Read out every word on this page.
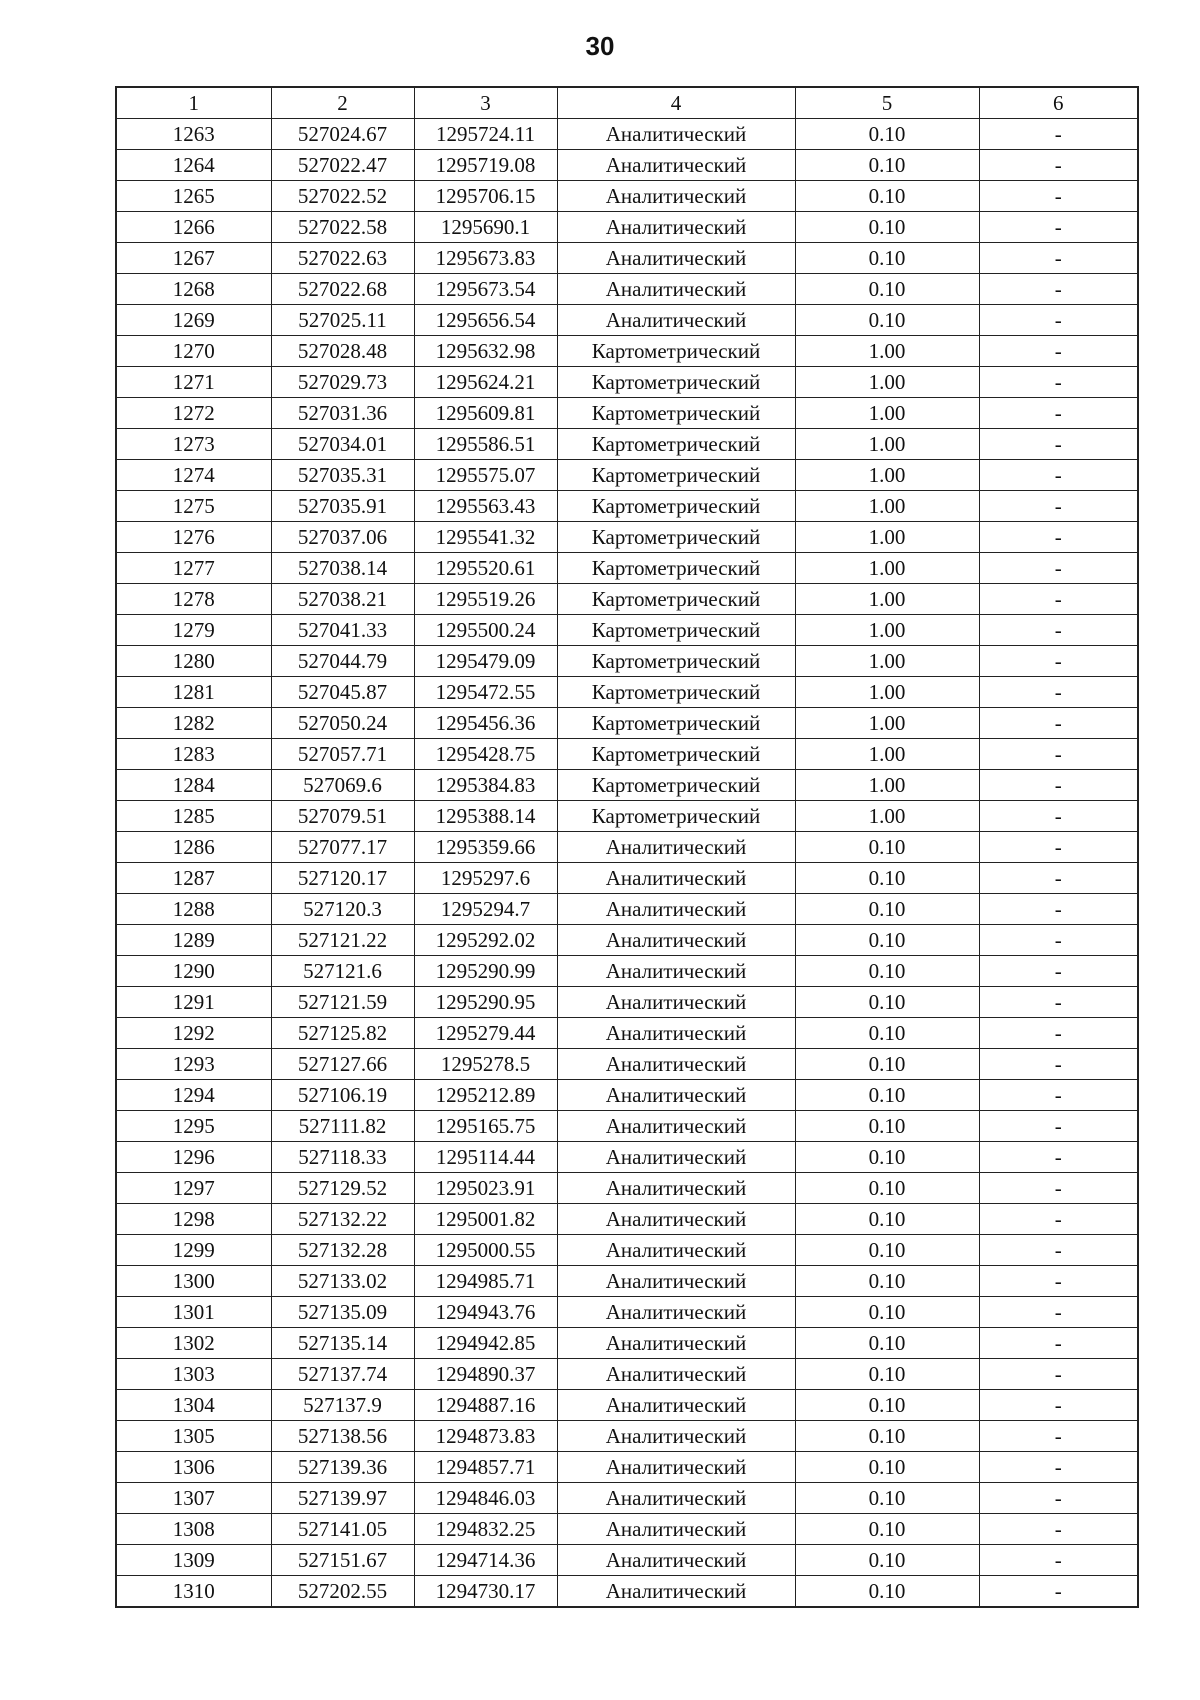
30
1	2	3	4	5	6
1263	527024.67	1295724.11	Аналитический	0.10	-
1264	527022.47	1295719.08	Аналитический	0.10	-
1265	527022.52	1295706.15	Аналитический	0.10	-
1266	527022.58	1295690.1	Аналитический	0.10	-
1267	527022.63	1295673.83	Аналитический	0.10	-
1268	527022.68	1295673.54	Аналитический	0.10	-
1269	527025.11	1295656.54	Аналитический	0.10	-
1270	527028.48	1295632.98	Картометрический	1.00	-
1271	527029.73	1295624.21	Картометрический	1.00	-
1272	527031.36	1295609.81	Картометрический	1.00	-
1273	527034.01	1295586.51	Картометрический	1.00	-
1274	527035.31	1295575.07	Картометрический	1.00	-
1275	527035.91	1295563.43	Картометрический	1.00	-
1276	527037.06	1295541.32	Картометрический	1.00	-
1277	527038.14	1295520.61	Картометрический	1.00	-
1278	527038.21	1295519.26	Картометрический	1.00	-
1279	527041.33	1295500.24	Картометрический	1.00	-
1280	527044.79	1295479.09	Картометрический	1.00	-
1281	527045.87	1295472.55	Картометрический	1.00	-
1282	527050.24	1295456.36	Картометрический	1.00	-
1283	527057.71	1295428.75	Картометрический	1.00	-
1284	527069.6	1295384.83	Картометрический	1.00	-
1285	527079.51	1295388.14	Картометрический	1.00	-
1286	527077.17	1295359.66	Аналитический	0.10	-
1287	527120.17	1295297.6	Аналитический	0.10	-
1288	527120.3	1295294.7	Аналитический	0.10	-
1289	527121.22	1295292.02	Аналитический	0.10	-
1290	527121.6	1295290.99	Аналитический	0.10	-
1291	527121.59	1295290.95	Аналитический	0.10	-
1292	527125.82	1295279.44	Аналитический	0.10	-
1293	527127.66	1295278.5	Аналитический	0.10	-
1294	527106.19	1295212.89	Аналитический	0.10	-
1295	527111.82	1295165.75	Аналитический	0.10	-
1296	527118.33	1295114.44	Аналитический	0.10	-
1297	527129.52	1295023.91	Аналитический	0.10	-
1298	527132.22	1295001.82	Аналитический	0.10	-
1299	527132.28	1295000.55	Аналитический	0.10	-
1300	527133.02	1294985.71	Аналитический	0.10	-
1301	527135.09	1294943.76	Аналитический	0.10	-
1302	527135.14	1294942.85	Аналитический	0.10	-
1303	527137.74	1294890.37	Аналитический	0.10	-
1304	527137.9	1294887.16	Аналитический	0.10	-
1305	527138.56	1294873.83	Аналитический	0.10	-
1306	527139.36	1294857.71	Аналитический	0.10	-
1307	527139.97	1294846.03	Аналитический	0.10	-
1308	527141.05	1294832.25	Аналитический	0.10	-
1309	527151.67	1294714.36	Аналитический	0.10	-
1310	527202.55	1294730.17	Аналитический	0.10	-
